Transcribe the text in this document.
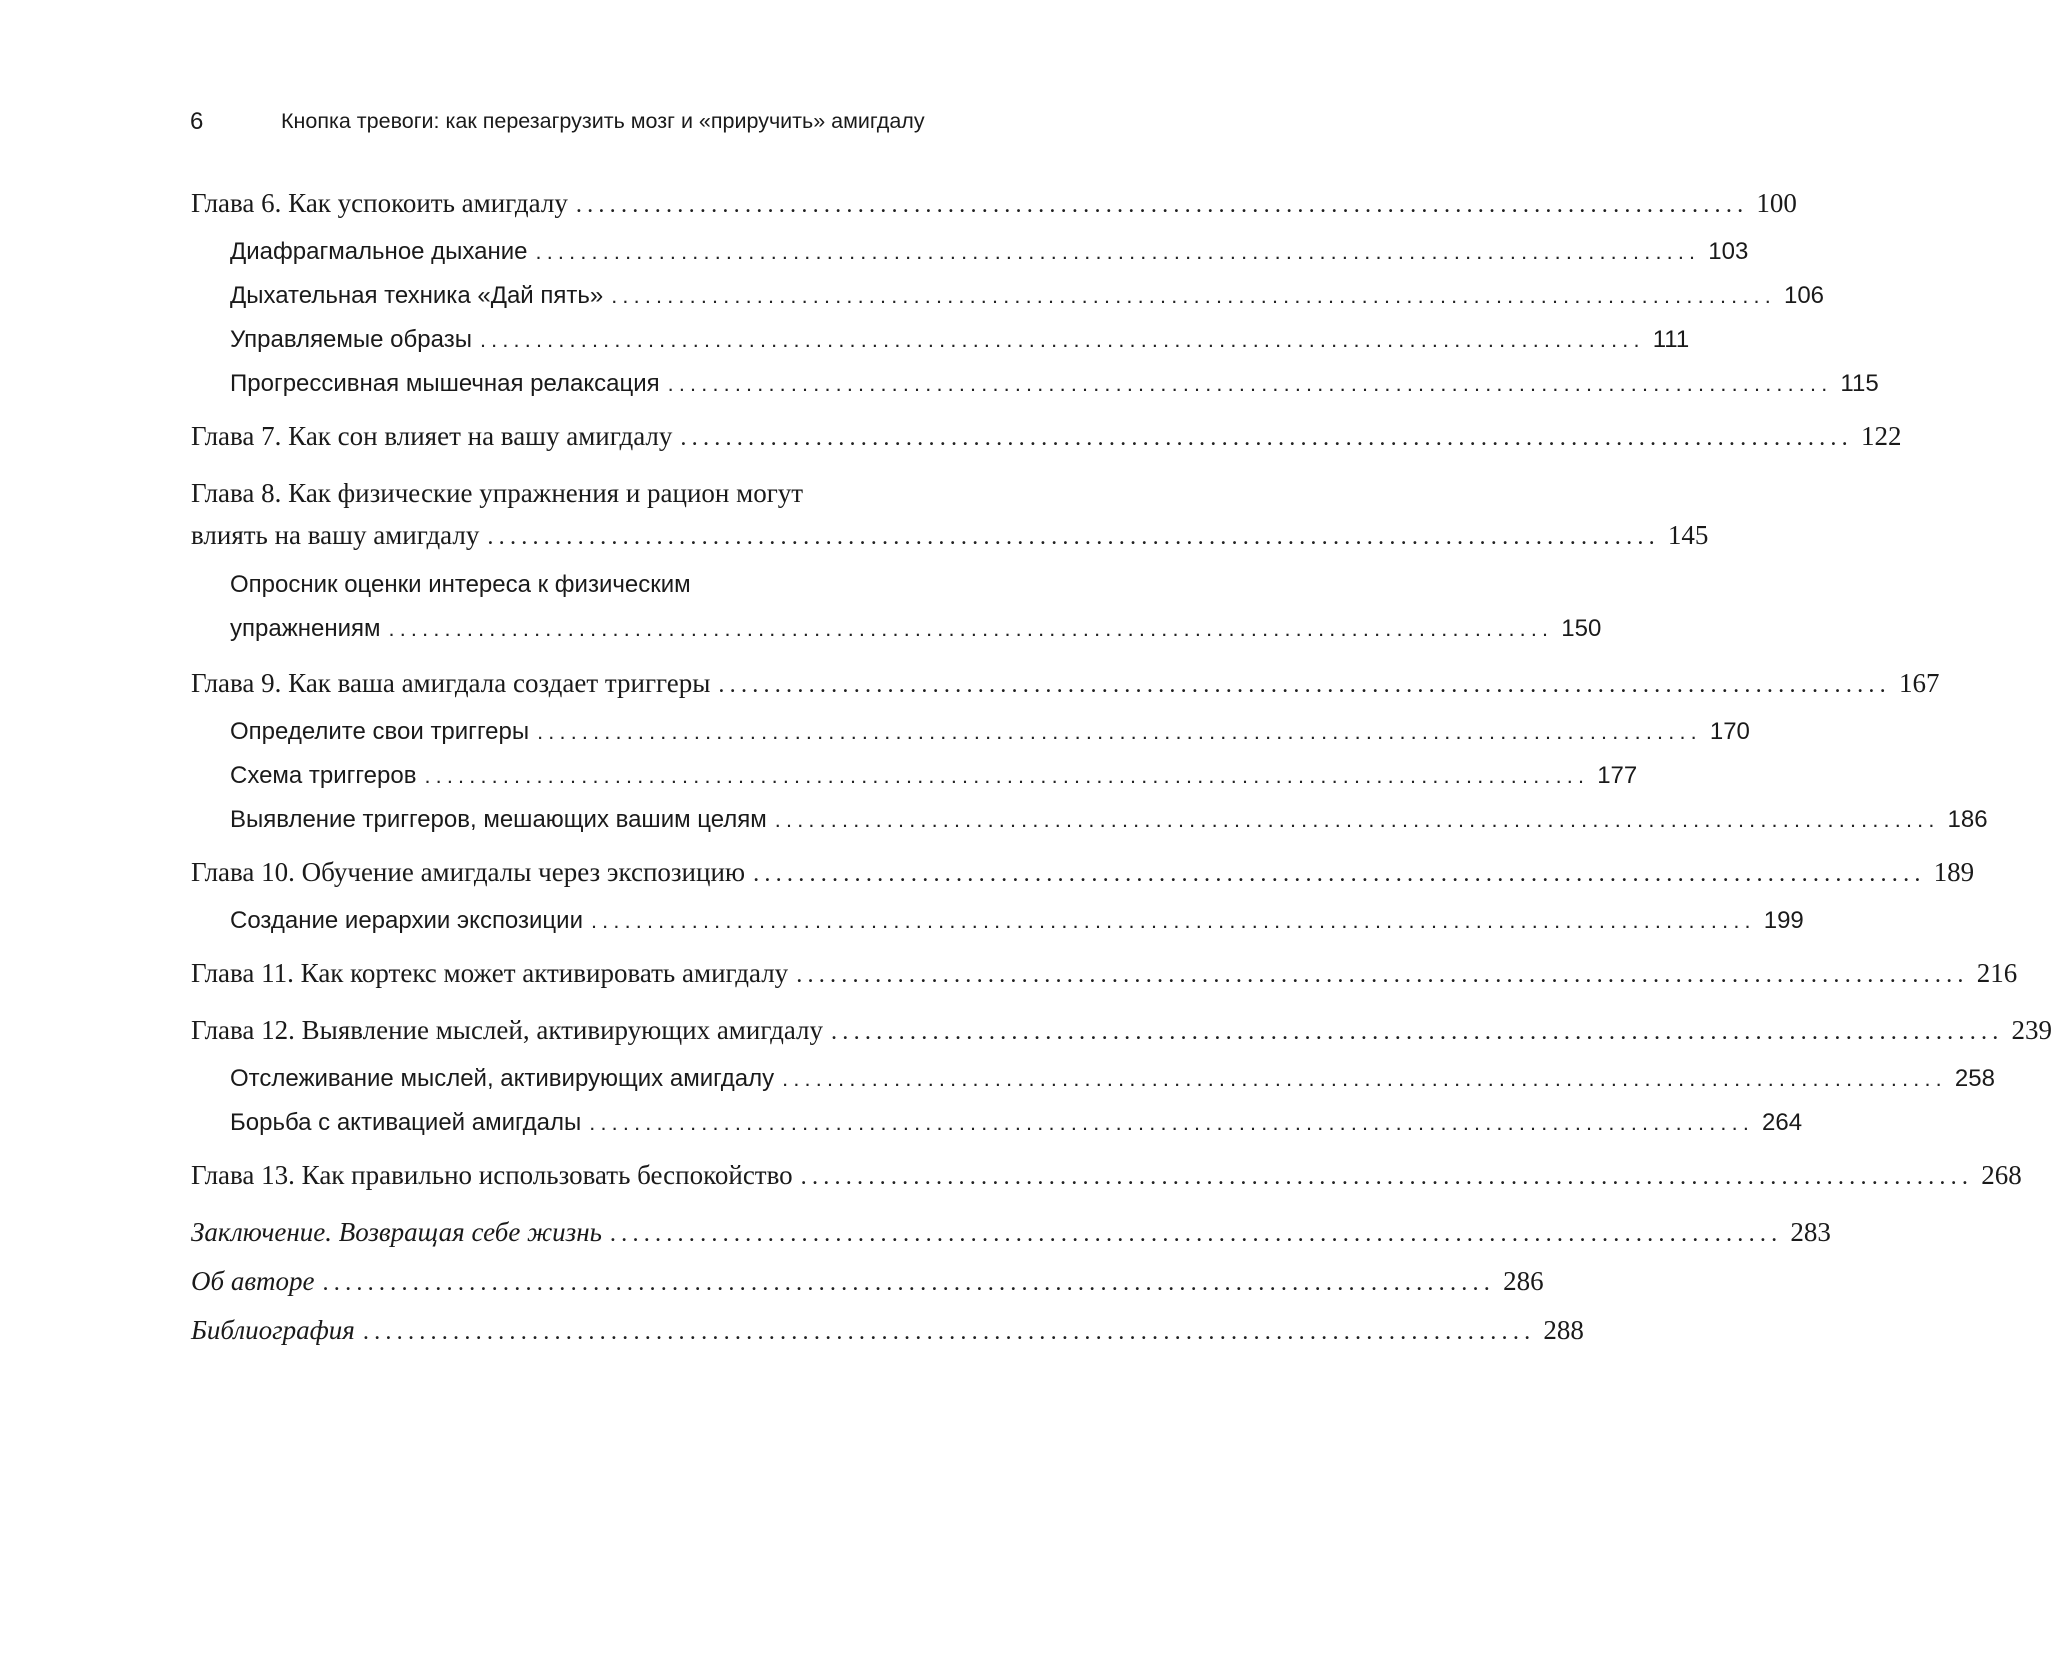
6	Кнопка тревоги: как перезагрузить мозг и «приручить» амигдалу
Глава 6. Как успокоить амигдалу ........................................................................................................ 100
Диафрагмальное дыхание ........................................................................................................ 103
Дыхательная техника «Дай пять» ........................................................................................................ 106
Управляемые образы ........................................................................................................ 111
Прогрессивная мышечная релаксация ........................................................................................................ 115
Глава 7. Как сон влияет на вашу амигдалу ........................................................................................................ 122
Глава 8. Как физические упражнения и рацион могут
влиять на вашу амигдалу ........................................................................................................ 145
Опросник оценки интереса к физическим
упражнениям ........................................................................................................ 150
Глава 9. Как ваша амигдала создает триггеры ........................................................................................................ 167
Определите свои триггеры ........................................................................................................ 170
Схема триггеров ........................................................................................................ 177
Выявление триггеров, мешающих вашим целям ........................................................................................................ 186
Глава 10. Обучение амигдалы через экспозицию ........................................................................................................ 189
Создание иерархии экспозиции ........................................................................................................ 199
Глава 11. Как кортекс может активировать амигдалу ........................................................................................................ 216
Глава 12. Выявление мыслей, активирующих амигдалу ........................................................................................................ 239
Отслеживание мыслей, активирующих амигдалу ........................................................................................................ 258
Борьба с активацией амигдалы ........................................................................................................ 264
Глава 13. Как правильно использовать беспокойство ........................................................................................................ 268
Заключение. Возвращая себе жизнь ........................................................................................................ 283
Об авторе ........................................................................................................ 286
Библиография ........................................................................................................ 288
